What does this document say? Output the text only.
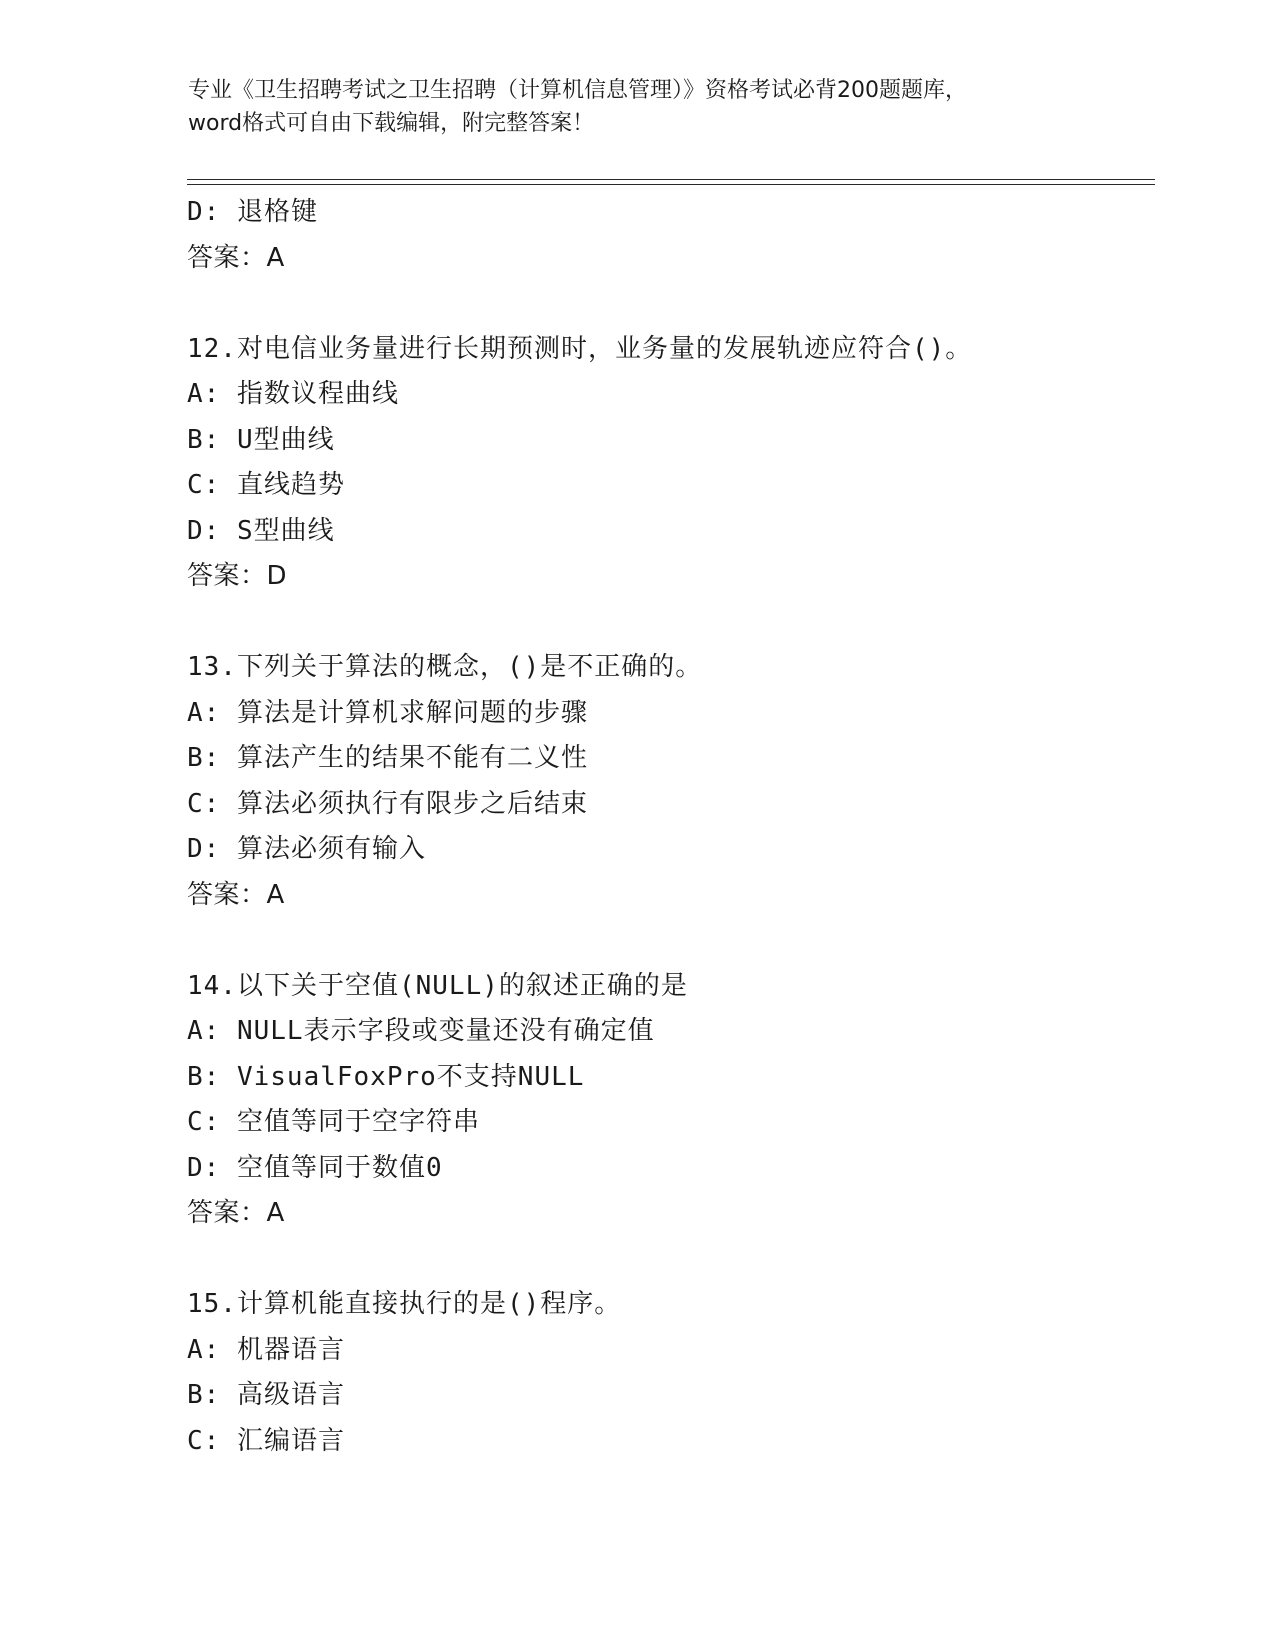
专业《卫生招聘考试之卫生招聘（计算机信息管理）》资格考试必背200题题库，
word格式可自由下载编辑，附完整答案！
D: 退格键
答案：A
12.对电信业务量进行长期预测时，业务量的发展轨迹应符合()。
A: 指数议程曲线
B: U型曲线
C: 直线趋势
D: S型曲线
答案：D
13.下列关于算法的概念，()是不正确的。
A: 算法是计算机求解问题的步骤
B: 算法产生的结果不能有二义性
C: 算法必须执行有限步之后结束
D: 算法必须有输入
答案：A
14.以下关于空值(NULL)的叙述正确的是
A: NULL表示字段或变量还没有确定值
B: VisualFoxPro不支持NULL
C: 空值等同于空字符串
D: 空值等同于数值0
答案：A
15.计算机能直接执行的是()程序。
A: 机器语言
B: 高级语言
C: 汇编语言
